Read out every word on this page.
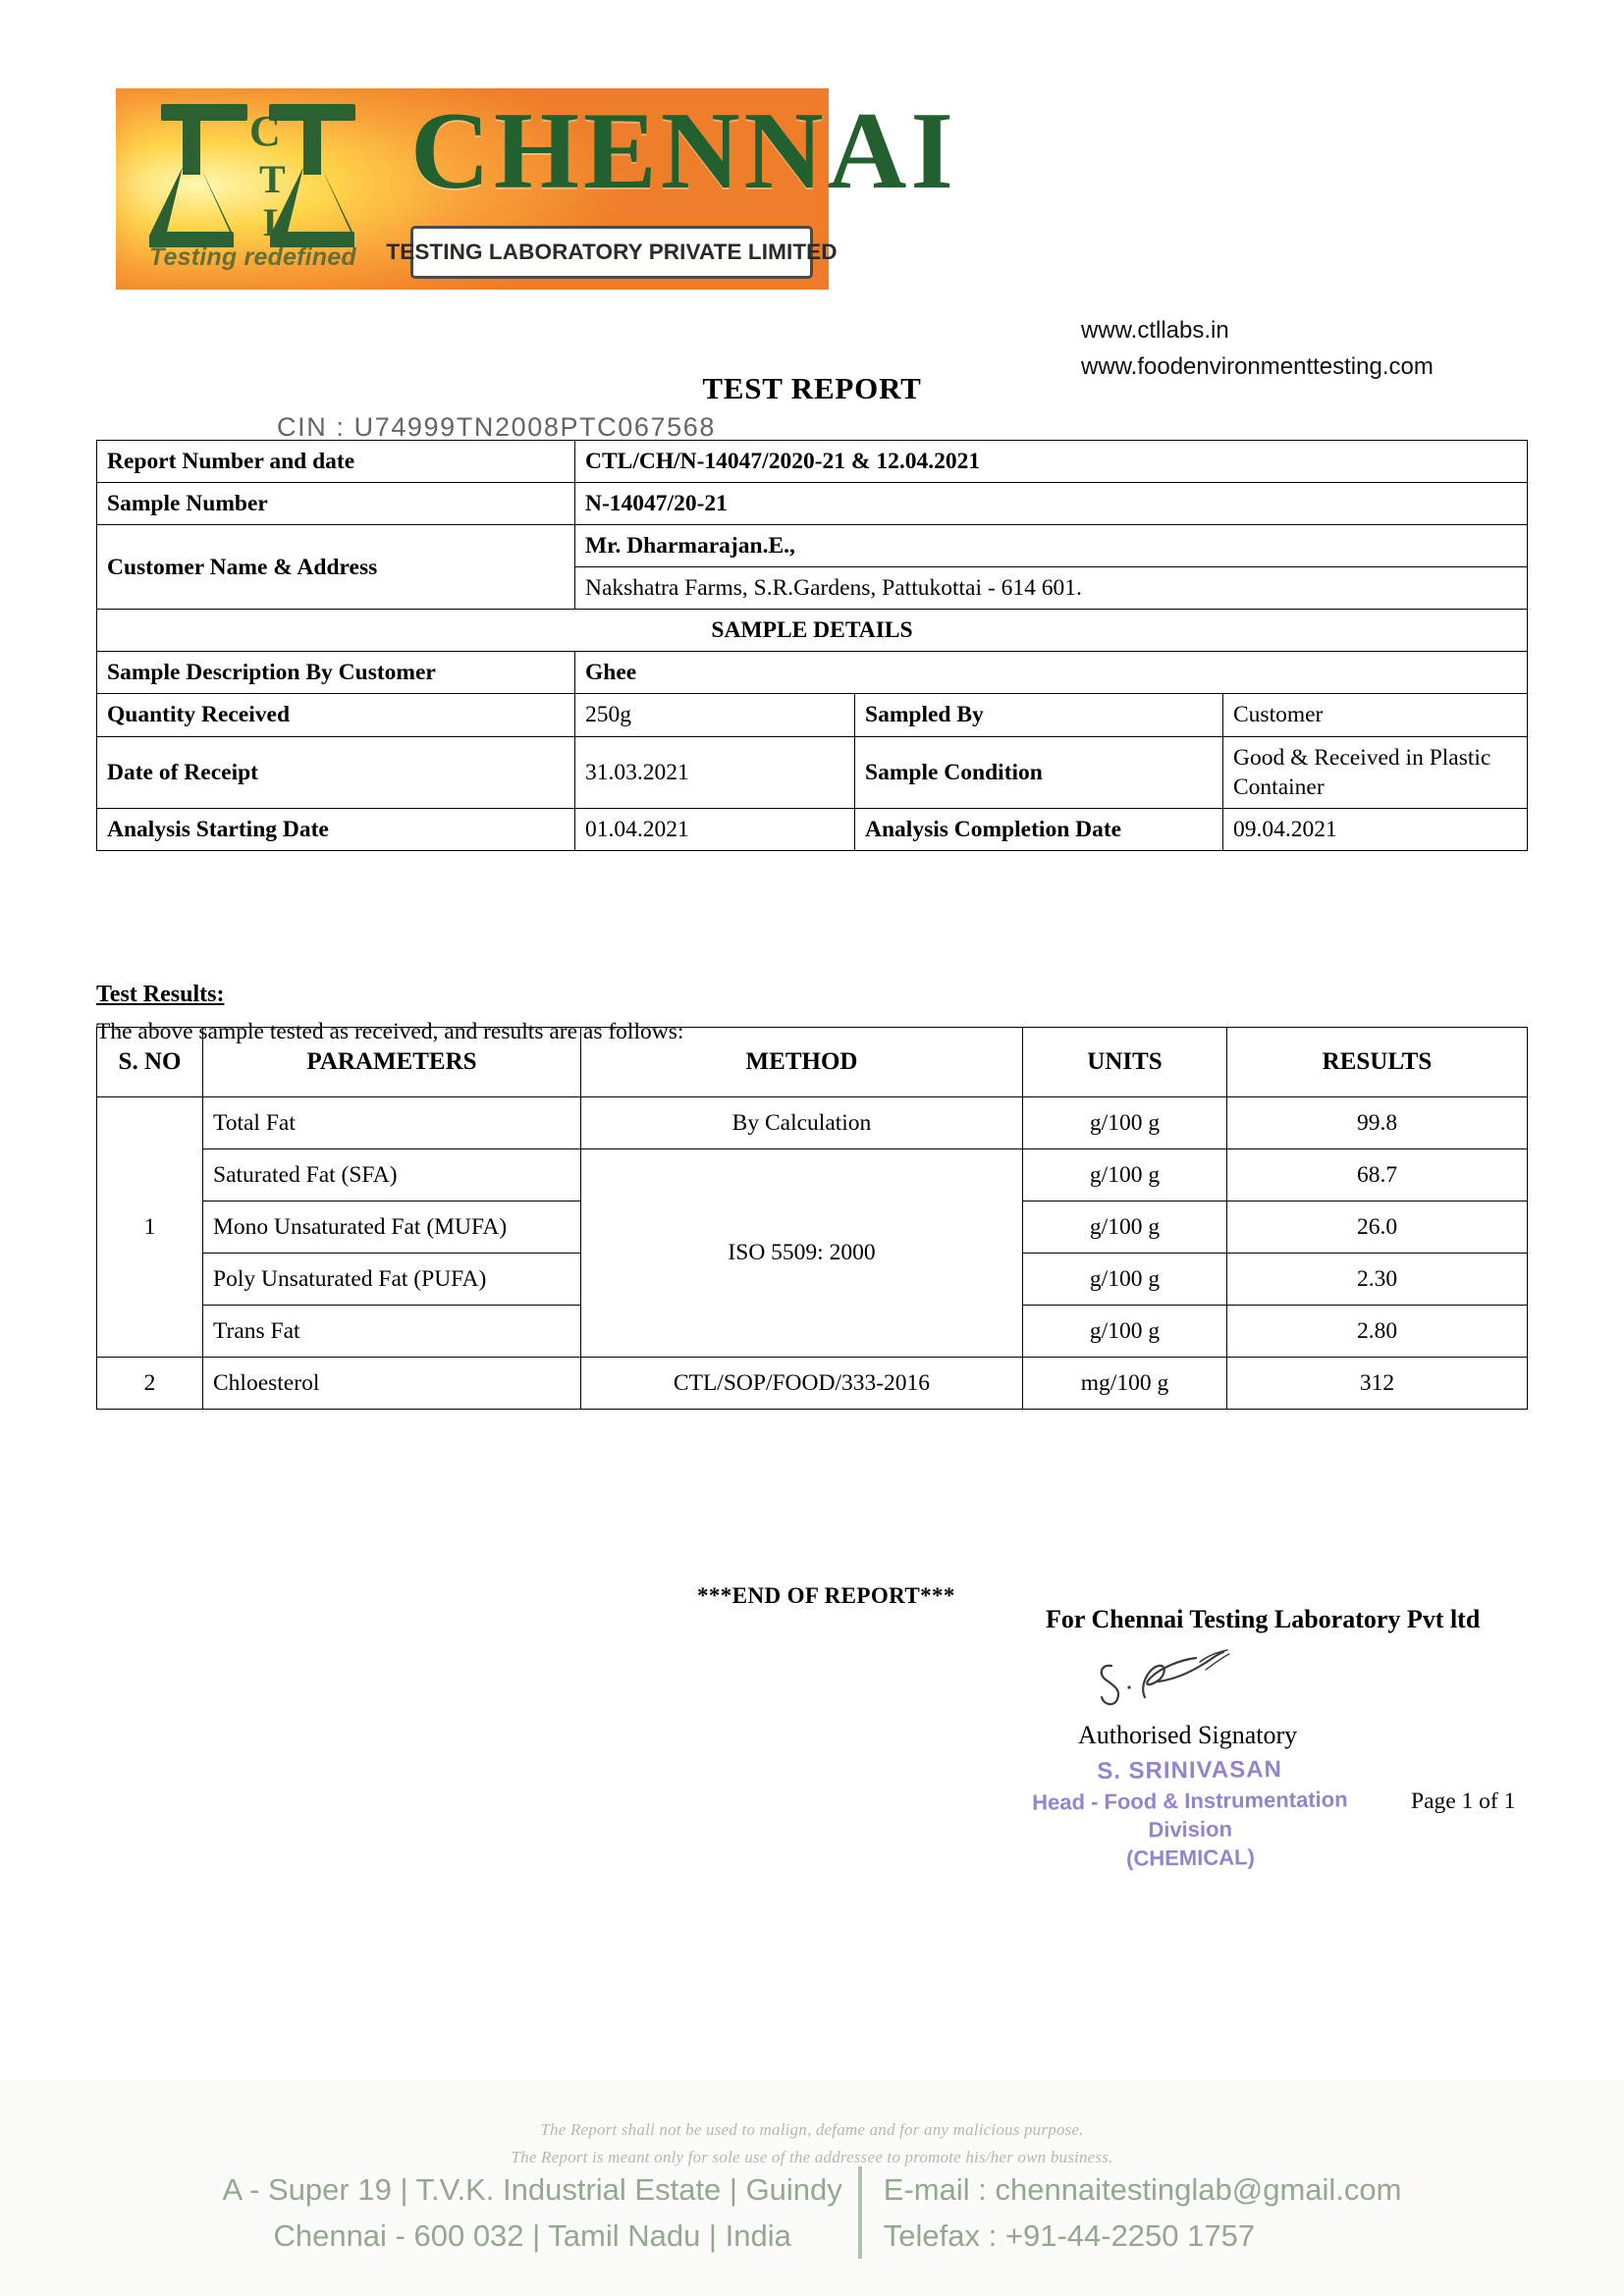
C
T
L
CHENNAI
Testing redefined TESTING LABORATORY PRIVATE LIMITED
CIN : U74999TN2008PTC067568
www.ctllabs.in
www.foodenvironmenttesting.com
TEST REPORT
Report Number and date	CTL/CH/N-14047/2020-21 & 12.04.2021		
Sample Number	N-14047/20-21		
Customer Name & Address	Mr. Dharmarajan.E.,		
	Nakshatra Farms, S.R.Gardens, Pattukottai - 614 601.		
SAMPLE DETAILS			
Sample Description By Customer	Ghee		
Quantity Received	250g	Sampled By	Customer
Date of Receipt	31.03.2021	Sample Condition	Good & Received in Plastic Container
Analysis Starting Date	01.04.2021	Analysis Completion Date	09.04.2021
Test Results:
The above sample tested as received, and results are as follows:
S. NO	PARAMETERS	METHOD	UNITS	RESULTS
1	Total Fat	By Calculation	g/100 g	99.8
	Saturated Fat (SFA)	ISO 5509: 2000	g/100 g	68.7
	Mono Unsaturated Fat (MUFA)		g/100 g	26.0
	Poly Unsaturated Fat (PUFA)		g/100 g	2.30
	Trans Fat		g/100 g	2.80
2	Chloesterol	CTL/SOP/FOOD/333-2016	mg/100 g	312
***END OF REPORT***
For Chennai Testing Laboratory Pvt ltd
Authorised Signatory
S. SRINIVASAN
Head - Food & Instrumentation Division
(CHEMICAL)
Page 1 of 1
The Report shall not be used to malign, defame and for any malicious purpose.
The Report is meant only for sole use of the addressee to promote his/her own business.
A - Super 19 | T.V.K. Industrial Estate | Guindy
Chennai - 600 032 | Tamil Nadu | India
E-mail : chennaitestinglab@gmail.com
Telefax : +91-44-2250 1757
